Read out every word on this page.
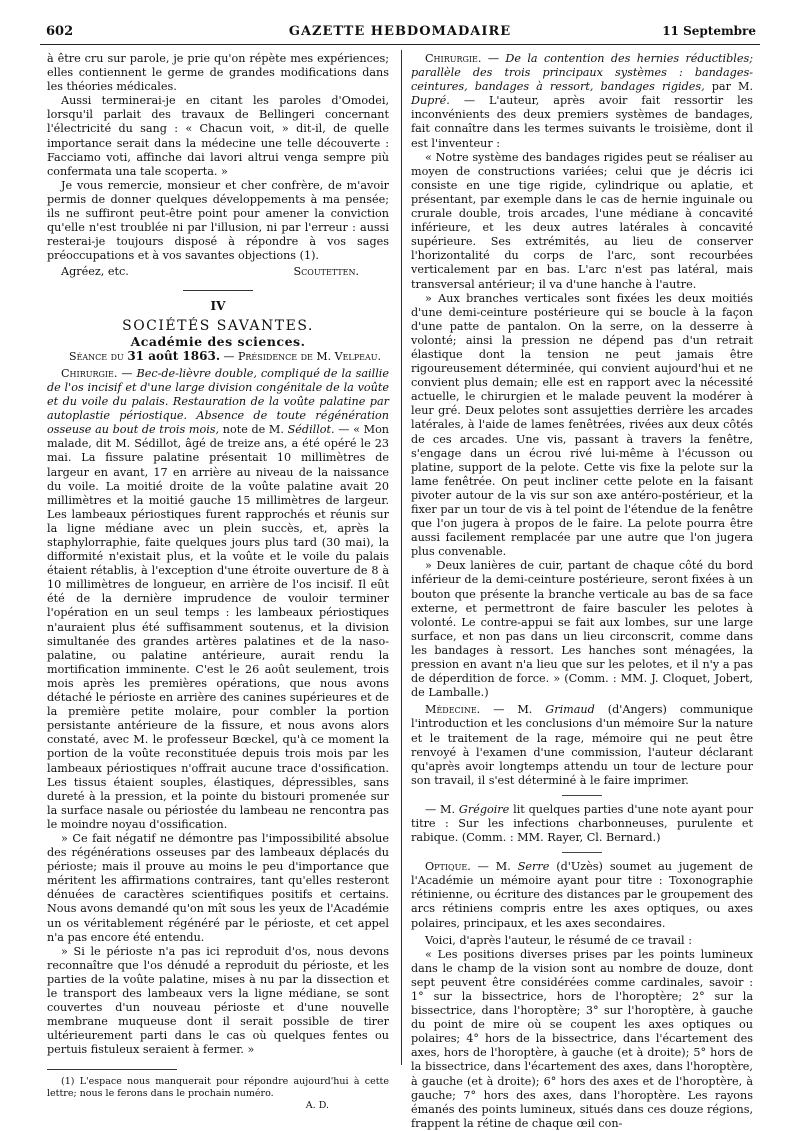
602	GAZETTE HEBDOMADAIRE	11 Septembre

à être cru sur parole, je prie qu'on répète mes expériences; elles contiennent le germe de grandes modifications dans les théories médicales.

Aussi terminerai-je en citant les paroles d'Omodei, lorsqu'il parlait des travaux de Bellingeri concernant l'électricité du sang : « Chacun voit, » dit-il, de quelle importance serait dans la médecine une telle découverte : Facciamo voti, affinche dai lavori altrui venga sempre più confermata una tale scoperta. »

Je vous remercie, monsieur et cher confrère, de m'avoir permis de donner quelques développements à ma pensée; ils ne suffiront peut-être point pour amener la conviction qu'elle n'est troublée ni par l'illusion, ni par l'erreur : aussi resterai-je toujours disposé à répondre à vos sages préoccupations et à vos savantes objections (1).

Agréez, etc.	Scoutetten.
IV
SOCIÉTÉS SAVANTES.
Académie des sciences.

Séance du 31 août 1863. — Présidence de M. Velpeau.

Chirurgie. — Bec-de-lièvre double, compliqué de la saillie de l'os incisif et d'une large division congénitale de la voûte et du voile du palais. Restauration de la voûte palatine par autoplastie périostique. Absence de toute régénération osseuse au bout de trois mois, note de M. Sédillot. — « Mon malade, dit M. Sédillot, âgé de treize ans, a été opéré le 23 mai. La fissure palatine présentait 10 millimètres de largeur en avant, 17 en arrière au niveau de la naissance du voile. La moitié droite de la voûte palatine avait 20 millimètres et la moitié gauche 15 millimètres de largeur. Les lambeaux périostiques furent rapprochés et réunis sur la ligne médiane avec un plein succès, et, après la staphylorraphie, faite quelques jours plus tard (30 mai), la difformité n'existait plus, et la voûte et le voile du palais étaient rétablis, à l'exception d'une étroite ouverture de 8 à 10 millimètres de longueur, en arrière de l'os incisif. Il eût été de la dernière imprudence de vouloir terminer l'opération en un seul temps : les lambeaux périostiques n'auraient plus été suffisamment soutenus, et la division simultanée des grandes artères palatines et de la naso-palatine, ou palatine antérieure, aurait rendu la mortification imminente. C'est le 26 août seulement, trois mois après les premières opérations, que nous avons détaché le périoste en arrière des canines supérieures et de la première petite molaire, pour combler la portion persistante antérieure de la fissure, et nous avons alors constaté, avec M. le professeur Bœckel, qu'à ce moment la portion de la voûte reconstituée depuis trois mois par les lambeaux périostiques n'offrait aucune trace d'ossification. Les tissus étaient souples, élastiques, dépressibles, sans dureté à la pression, et la pointe du bistouri promenée sur la surface nasale ou périostée du lambeau ne rencontra pas le moindre noyau d'ossification.

» Ce fait négatif ne démontre pas l'impossibilité absolue des régénérations osseuses par des lambeaux déplacés du périoste; mais il prouve au moins le peu d'importance que méritent les affirmations contraires, tant qu'elles resteront dénuées de caractères scientifiques positifs et certains. Nous avons demandé qu'on mît sous les yeux de l'Académie un os véritablement régénéré par le périoste, et cet appel n'a pas encore été entendu.

» Si le périoste n'a pas ici reproduit d'os, nous devons reconnaître que l'os dénudé a reproduit du périoste, et les parties de la voûte palatine, mises à nu par la dissection et le transport des lambeaux vers la ligne médiane, se sont couvertes d'un nouveau périoste et d'une nouvelle membrane muqueuse dont il serait possible de tirer ultérieurement parti dans le cas où quelques fentes ou pertuis fistuleux seraient à fermer. »

(1) L'espace nous manquerait pour répondre aujourd'hui à cette lettre; nous le ferons dans le prochain numéro.

A. D.

Chirurgie. — De la contention des hernies réductibles; parallèle des trois principaux systèmes : bandages-ceintures, bandages à ressort, bandages rigides, par M. Dupré. — L'auteur, après avoir fait ressortir les inconvénients des deux premiers systèmes de bandages, fait connaître dans les termes suivants le troisième, dont il est l'inventeur :

« Notre système des bandages rigides peut se réaliser au moyen de constructions variées; celui que je décris ici consiste en une tige rigide, cylindrique ou aplatie, et présentant, par exemple dans le cas de hernie inguinale ou crurale double, trois arcades, l'une médiane à concavité inférieure, et les deux autres latérales à concavité supérieure. Ses extrémités, au lieu de conserver l'horizontalité du corps de l'arc, sont recourbées verticalement par en bas. L'arc n'est pas latéral, mais transversal antérieur; il va d'une hanche à l'autre.

» Aux branches verticales sont fixées les deux moitiés d'une demi-ceinture postérieure qui se boucle à la façon d'une patte de pantalon. On la serre, on la desserre à volonté; ainsi la pression ne dépend pas d'un retrait élastique dont la tension ne peut jamais être rigoureusement déterminée, qui convient aujourd'hui et ne convient plus demain; elle est en rapport avec la nécessité actuelle, le chirurgien et le malade peuvent la modérer à leur gré. Deux pelotes sont assujetties derrière les arcades latérales, à l'aide de lames fenêtrées, rivées aux deux côtés de ces arcades. Une vis, passant à travers la fenêtre, s'engage dans un écrou rivé lui-même à l'écusson ou platine, support de la pelote. Cette vis fixe la pelote sur la lame fenêtrée. On peut incliner cette pelote en la faisant pivoter autour de la vis sur son axe antéro-postérieur, et la fixer par un tour de vis à tel point de l'étendue de la fenêtre que l'on jugera à propos de le faire. La pelote pourra être aussi facilement remplacée par une autre que l'on jugera plus convenable.

» Deux lanières de cuir, partant de chaque côté du bord inférieur de la demi-ceinture postérieure, seront fixées à un bouton que présente la branche verticale au bas de sa face externe, et permettront de faire basculer les pelotes à volonté. Le contre-appui se fait aux lombes, sur une large surface, et non pas dans un lieu circonscrit, comme dans les bandages à ressort. Les hanches sont ménagées, la pression en avant n'a lieu que sur les pelotes, et il n'y a pas de déperdition de force. » (Comm. : MM. J. Cloquet, Jobert, de Lamballe.)

Médecine. — M. Grimaud (d'Angers) communique l'introduction et les conclusions d'un mémoire Sur la nature et le traitement de la rage, mémoire qui ne peut être renvoyé à l'examen d'une commission, l'auteur déclarant qu'après avoir longtemps attendu un tour de lecture pour son travail, il s'est déterminé à le faire imprimer.

— M. Grégoire lit quelques parties d'une note ayant pour titre : Sur les infections charbonneuses, purulente et rabique. (Comm. : MM. Rayer, Cl. Bernard.)

Optique. — M. Serre (d'Uzès) soumet au jugement de l'Académie un mémoire ayant pour titre : Toxonographie rétinienne, ou écriture des distances par le groupement des arcs rétiniens compris entre les axes optiques, ou axes polaires, principaux, et les axes secondaires.

Voici, d'après l'auteur, le résumé de ce travail :

« Les positions diverses prises par les points lumineux dans le champ de la vision sont au nombre de douze, dont sept peuvent être considérées comme cardinales, savoir : 1° sur la bissectrice, hors de l'horoptère; 2° sur la bissectrice, dans l'horoptère; 3° sur l'horoptère, à gauche du point de mire où se coupent les axes optiques ou polaires; 4° hors de la bissectrice, dans l'écartement des axes, hors de l'horoptère, à gauche (et à droite); 5° hors de la bissectrice, dans l'écartement des axes, dans l'horoptère, à gauche (et à droite); 6° hors des axes et de l'horoptère, à gauche; 7° hors des axes, dans l'horoptère. Les rayons émanés des points lumineux, situés dans ces douze régions, frappent la rétine de chaque œil con-
